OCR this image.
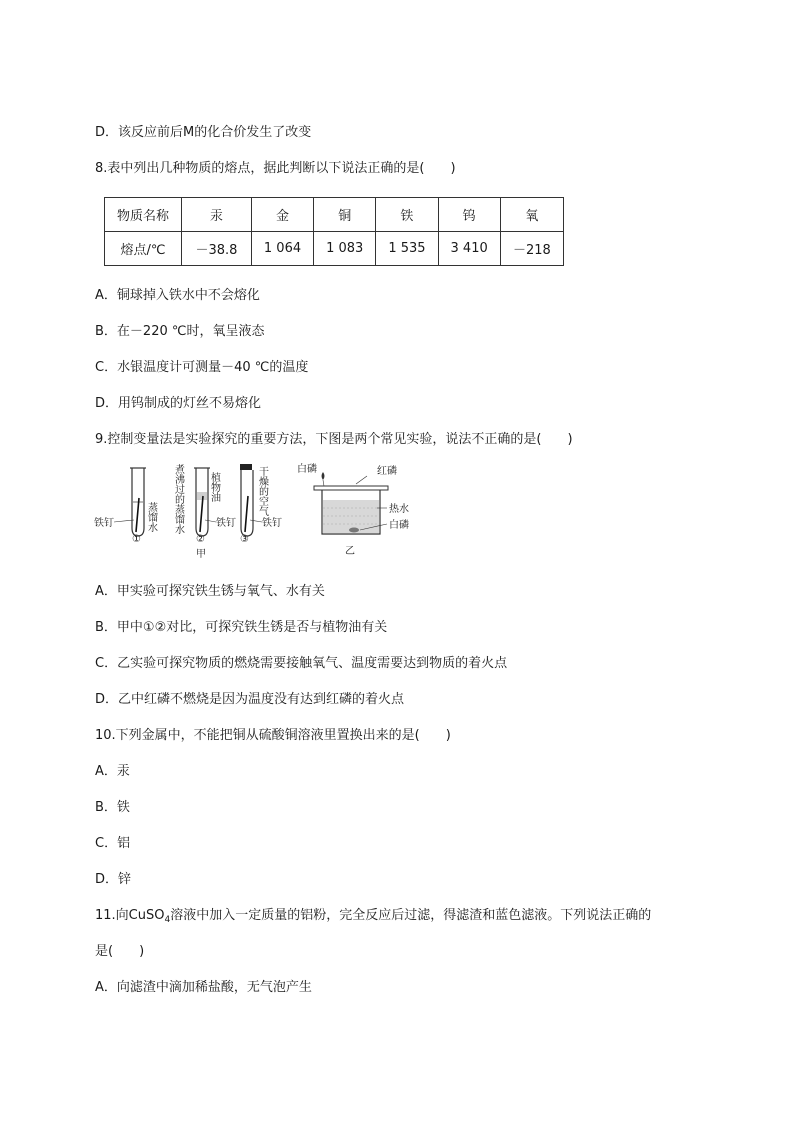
D．该反应前后M的化合价发生了改变
8.表中列出几种物质的熔点，据此判断以下说法正确的是(　　)
物质名称	汞	金	铜	铁	钨	氧
熔点/℃	－38.8	1 064	1 083	1 535	3 410	－218
A．铜球掉入铁水中不会熔化
B．在－220 ℃时，氧呈液态
C．水银温度计可测量－40 ℃的温度
D．用钨制成的灯丝不易熔化
9.控制变量法是实验探究的重要方法，下图是两个常见实验，说法不正确的是(　　)
蒸馏水
铁钉
①
煮沸过的蒸馏水	植物油
铁钉
②
甲
干燥的空气
铁钉
③
白磷	红磷
热水
白磷
乙
A．甲实验可探究铁生锈与氧气、水有关
B．甲中①②对比，可探究铁生锈是否与植物油有关
C．乙实验可探究物质的燃烧需要接触氧气、温度需要达到物质的着火点
D．乙中红磷不燃烧是因为温度没有达到红磷的着火点
10.下列金属中，不能把铜从硫酸铜溶液里置换出来的是(　　)
A．汞
B．铁
C．铝
D．锌
11.向CuSO$_4$溶液中加入一定质量的铝粉，完全反应后过滤，得滤渣和蓝色滤液。下列说法正确的
是(　　)
A．向滤渣中滴加稀盐酸，无气泡产生
